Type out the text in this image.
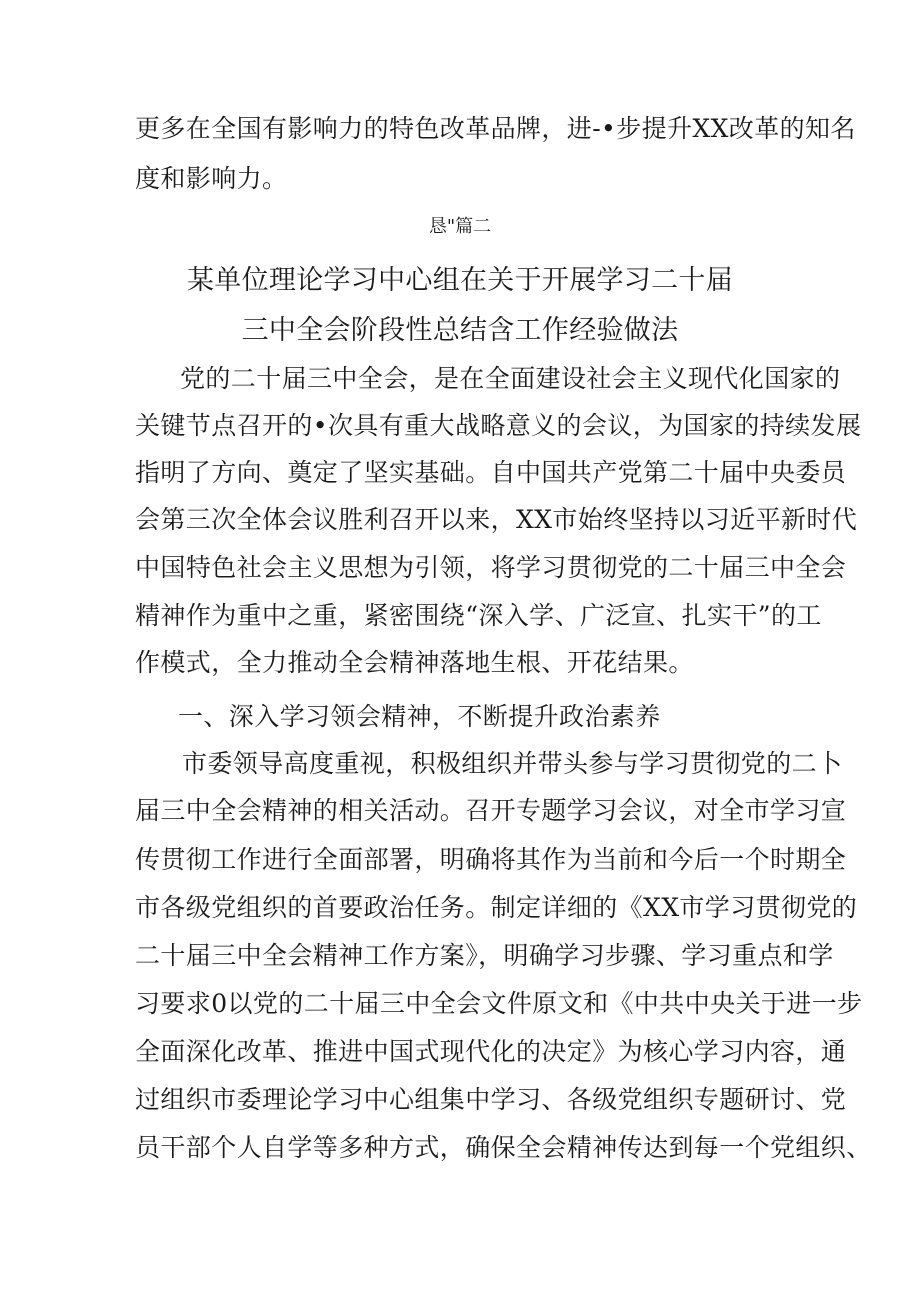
更多在全国有影响力的特色改革品牌，进-•步提升XX改革的知名
度和影响力。
恳"篇二
某单位理论学习中心组在关于开展学习二十届
三中全会阶段性总结含工作经验做法
党的二十届三中全会，是在全面建设社会主义现代化国家的
关键节点召开的•次具有重大战略意义的会议，为国家的持续发展
指明了方向、奠定了坚实基础。自中国共产党第二十届中央委员
会第三次全体会议胜利召开以来，XX市始终坚持以习近平新时代
中国特色社会主义思想为引领，将学习贯彻党的二十届三中全会
精神作为重中之重，紧密围绕“深入学、广泛宣、扎实干”的工
作模式，全力推动全会精神落地生根、开花结果。
一、深入学习领会精神，不断提升政治素养
市委领导高度重视，积极组织并带头参与学习贯彻党的二卜
届三中全会精神的相关活动。召开专题学习会议，对全市学习宣
传贯彻工作进行全面部署，明确将其作为当前和今后一个时期全
市各级党组织的首要政治任务。制定详细的《XX市学习贯彻党的
二十届三中全会精神工作方案》，明确学习步骤、学习重点和学
习要求0以党的二十届三中全会文件原文和《中共中央关于进一步
全面深化改革、推进中国式现代化的决定》为核心学习内容，通
过组织市委理论学习中心组集中学习、各级党组织专题研讨、党
员干部个人自学等多种方式，确保全会精神传达到每一个党组织、
